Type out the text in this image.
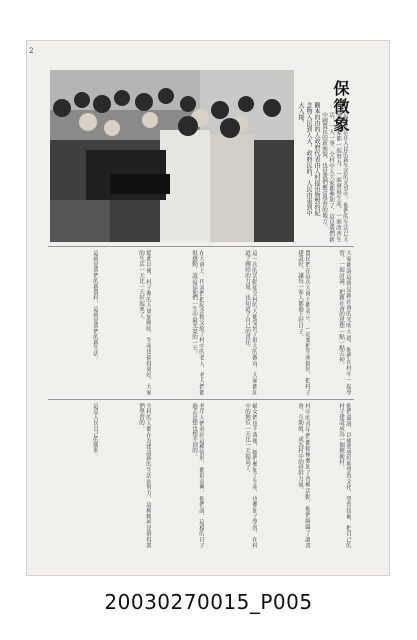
2
保徵象
觀本的由的人政府代表由人村提出物對的紀念物入民到人大，政府民的，人民由東到中大入接。	這種生活在入民的新生活的光景中，他們的生活已大變，大家都一起努力，一面發展生產，一面改善生活，一人一事，全村中人大家都參加了，這是我們新中國農民的新面貌，也是我們應當學習的地方。
大家都說這就是新社會的光明大道，他們在村中一起學習，一起討論，把舊社會的思想一點一點去掉。
農民們在這次大會上都表示，一定要把生產搞好，把村子建設好，讓每一家人都過上好日子。
這一次的活動使全村的人都受到了很大的教育，大家都知道了團結的力量，也知道了自己的責任。
在大會上，代表們把紀念物交給了村中的老人，老人們都很感動，說這是他們一生中最光榮的一天。
從此以後，村子裡的人更加團結，生產也搞得更好，大家的生活一天比一天好起來了。
這就是我們的新農村，這就是我們的新生活。
他們還說，以後要更好地學習文化，學習技術，把自己的村子建設成為一個模範村。
村中的青年們都積極參加了各種活動，他們組織了讀書會，互助組，成為村中的骨幹力量。
婦女們也不落後，她們參加了生產，也參加了學習，在村中的地位一天比一天提高了。
老年人們看到這種情形，都很高興，他們說，這樣的日子過去是想也想不到的。
全村的人都在為建設新的生活而努力，這種精神是值得我們學習的。
這是人民自己的勝利。
20030270015_P005
